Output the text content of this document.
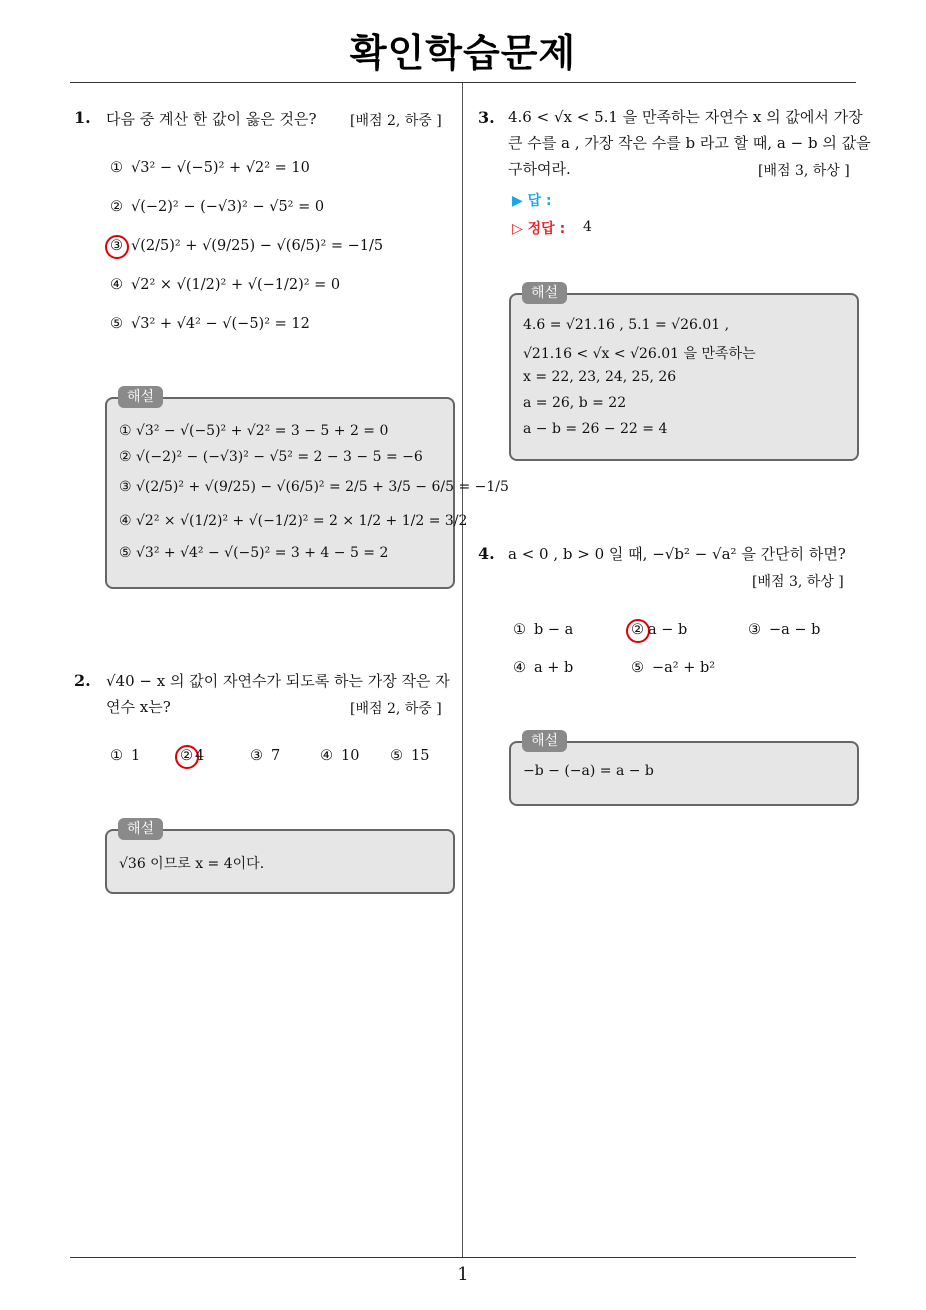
확인학습문제
1. 다음 중 계산 한 값이 옳은 것은? [배점 2, 하중 ]
① √3² − √(−5)² + √2² = 10
② √(−2)² − (−√3)² − √5² = 0
③ √(2/5)² + √(9/25) − √(6/5)² = −1/5
④ √2² × √(1/2)² + √(−1/2)² = 0
⑤ √3² + √4² − √(−5)² = 12
① √3² − √(−5)² + √2² = 3 − 5 + 2 = 0
② √(−2)² − (−√3)² − √5² = 2 − 3 − 5 = −6
③ √(2/5)² + √(9/25) − √(6/5)² = 2/5 + 3/5 − 6/5 = −1/5
④ √2² × √(1/2)² + √(−1/2)² = 2 × 1/2 + 1/2 = 3/2
⑤ √3² + √4² − √(−5)² = 3 + 4 − 5 = 2
해설
2. √40 − x 의 값이 자연수가 되도록 하는 가장 작은 자
연수 x는?	[배점 2, 하중 ]
① 1	② 4	③ 7	④ 10 ⑤ 15
√36 이므로 x = 4이다.
해설
3. 4.6 < √x < 5.1 을 만족하는 자연수 x 의 값에서 가장
큰 수를 a , 가장 작은 수를 b 라고 할 때, a − b 의 값을
구하여라.	[배점 3, 하상 ]
▶ 답 :
▷ 정답 : 4
4.6 = √21.16 , 5.1 = √26.01 ,
√21.16 < √x < √26.01 을 만족하는
x = 22, 23, 24, 25, 26
a = 26, b = 22
a − b = 26 − 22 = 4
해설
4. a < 0 , b > 0 일 때, −√b² − √a² 을 간단히 하면?
[배점 3, 하상 ]
① b − a	② a − b	③ −a − b
④ a + b	⑤ −a² + b²
−b − (−a) = a − b
해설
1
